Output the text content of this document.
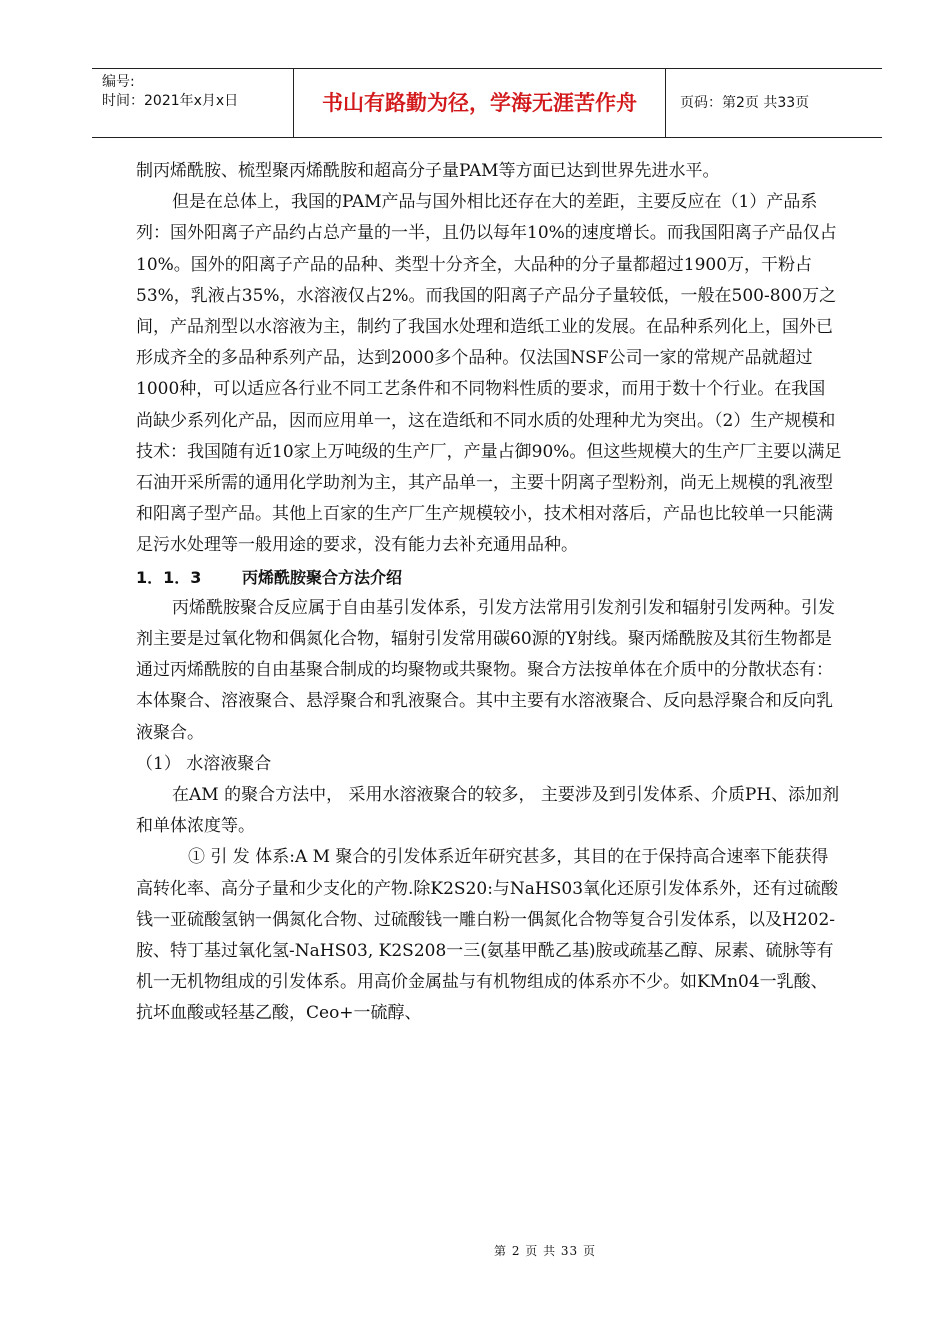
编号:
时间：2021年x月x日	书山有路勤为径，学海无涯苦作舟	页码：第2页 共33页

制丙烯酰胺、梳型聚丙烯酰胺和超高分子量PAM等方面已达到世界先进水平。

但是在总体上，我国的PAM产品与国外相比还存在大的差距，主要反应在（1）产品系列：国外阳离子产品约占总产量的一半，且仍以每年10%的速度增长。而我国阳离子产品仅占10%。国外的阳离子产品的品种、类型十分齐全，大品种的分子量都超过1900万，干粉占53%，乳液占35%，水溶液仅占2%。而我国的阳离子产品分子量较低，一般在500-800万之间，产品剂型以水溶液为主，制约了我国水处理和造纸工业的发展。在品种系列化上，国外已形成齐全的多品种系列产品，达到2000多个品种。仅法国NSF公司一家的常规产品就超过1000种，可以适应各行业不同工艺条件和不同物料性质的要求，而用于数十个行业。在我国尚缺少系列化产品，因而应用单一，这在造纸和不同水质的处理种尤为突出。（2）生产规模和技术：我国随有近10家上万吨级的生产厂，产量占御90%。但这些规模大的生产厂主要以满足石油开采所需的通用化学助剂为主，其产品单一，主要十阴离子型粉剂，尚无上规模的乳液型和阳离子型产品。其他上百家的生产厂生产规模较小，技术相对落后，产品也比较单一只能满足污水处理等一般用途的要求，没有能力去补充通用品种。

1．1．3	丙烯酰胺聚合方法介绍

丙烯酰胺聚合反应属于自由基引发体系，引发方法常用引发剂引发和辐射引发两种。引发剂主要是过氧化物和偶氮化合物，辐射引发常用碳60源的Y射线。聚丙烯酰胺及其衍生物都是通过丙烯酰胺的自由基聚合制成的均聚物或共聚物。聚合方法按单体在介质中的分散状态有：本体聚合、溶液聚合、悬浮聚合和乳液聚合。其中主要有水溶液聚合、反向悬浮聚合和反向乳液聚合。

（1） 水溶液聚合

在AM 的聚合方法中， 采用水溶液聚合的较多， 主要涉及到引发体系、介质PH、添加剂和单体浓度等。

① 引 发 体系:A M 聚合的引发体系近年研究甚多，其目的在于保持高合速率下能获得高转化率、高分子量和少支化的产物.除K2S20:与NaHS03氧化还原引发体系外，还有过硫酸钱一亚硫酸氢钠一偶氮化合物、过硫酸钱一雕白粉一偶氮化合物等复合引发体系，以及H202-胺、特丁基过氧化氢-NaHS03, K2S208一三(氨基甲酰乙基)胺或疏基乙醇、尿素、硫脉等有机一无机物组成的引发体系。用高价金属盐与有机物组成的体系亦不少。如KMn04一乳酸、抗坏血酸或轻基乙酸，Ceo+一硫醇、

第 2 页 共 33 页
